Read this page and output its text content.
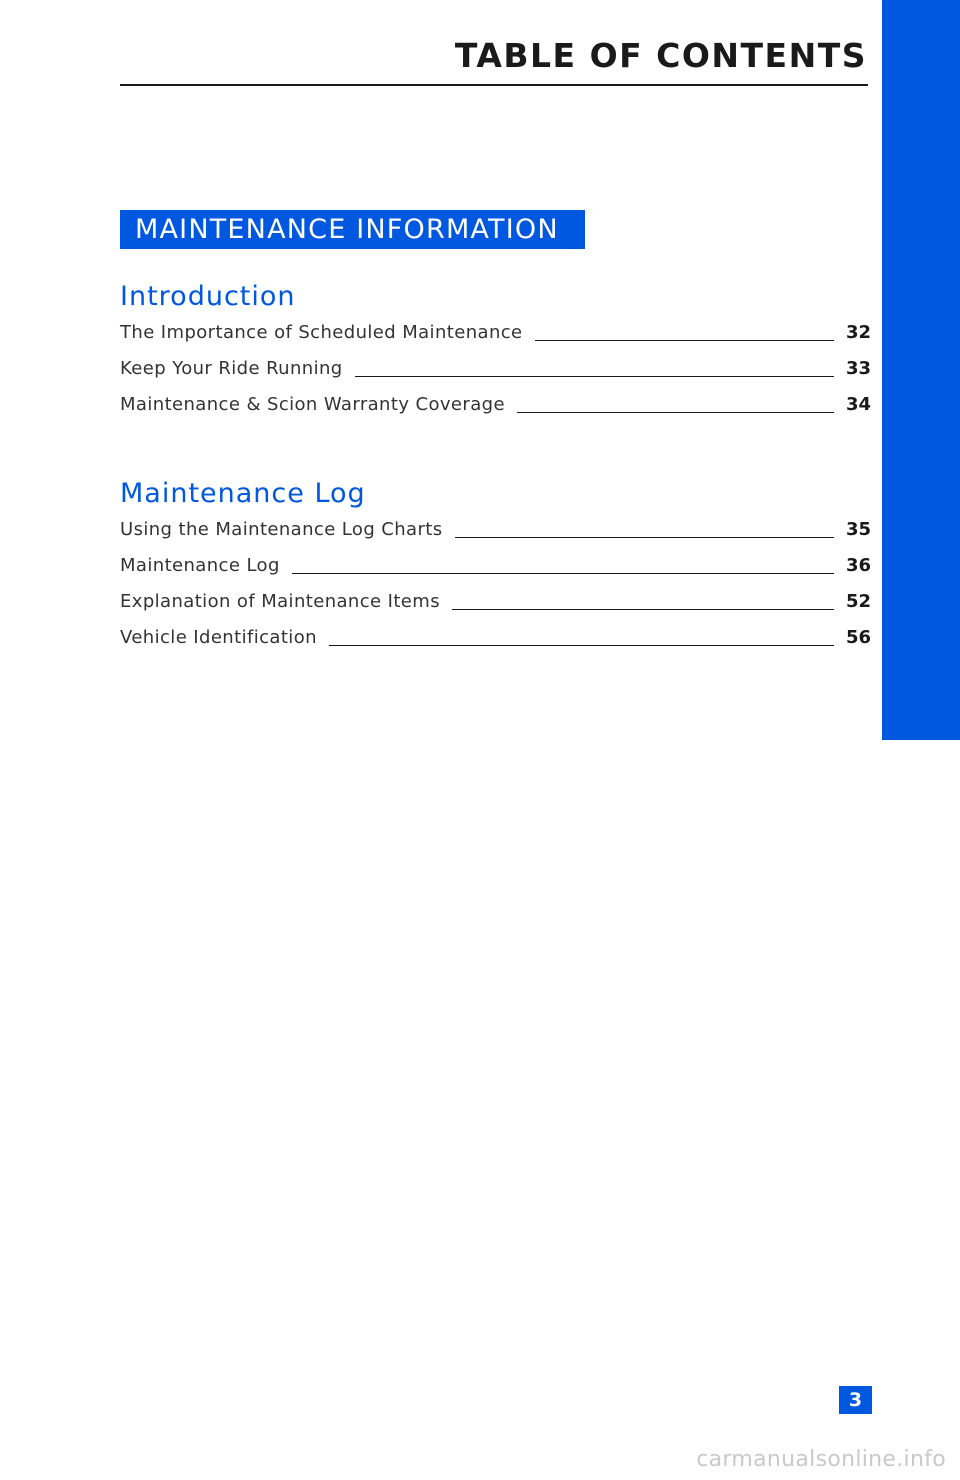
TABLE OF CONTENTS
MAINTENANCE INFORMATION
Introduction
The Importance of Scheduled Maintenance	32
Keep Your Ride Running	33
Maintenance & Scion Warranty Coverage	34
Maintenance Log
Using the Maintenance Log Charts	35
Maintenance Log	36
Explanation of Maintenance Items	52
Vehicle Identification	56
3
carmanualsonline.info
